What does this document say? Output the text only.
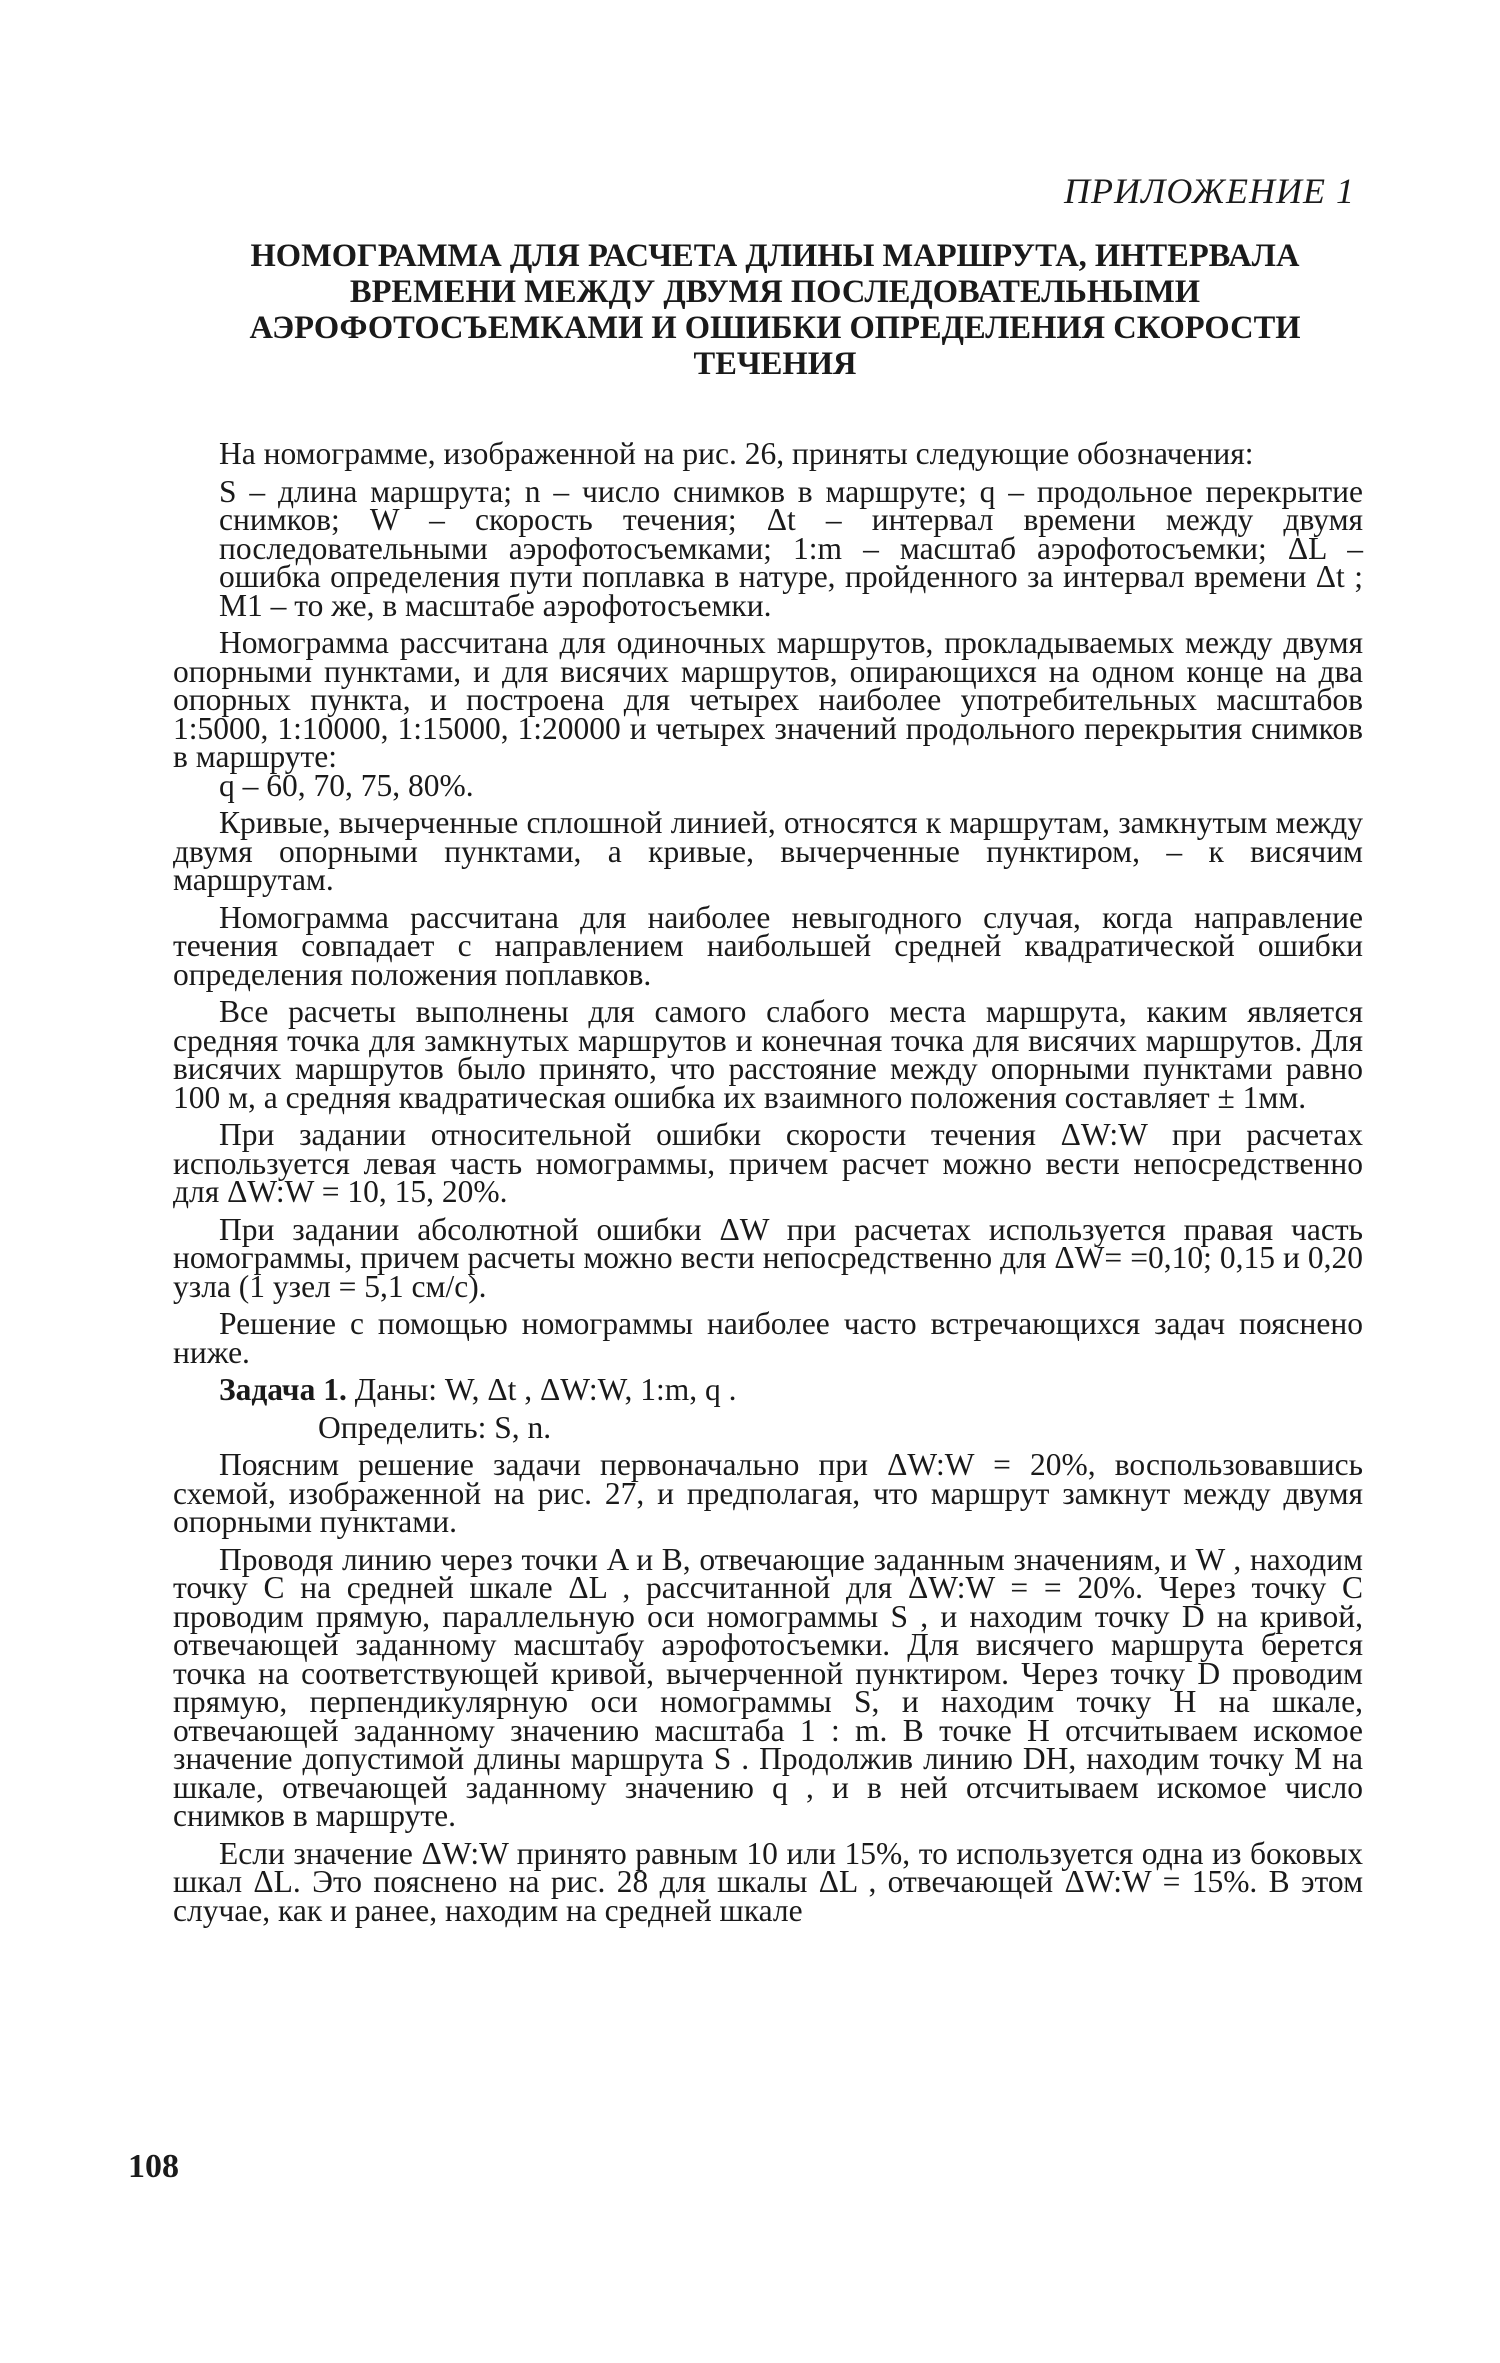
ПРИЛОЖЕНИЕ 1
НОМОГРАММА ДЛЯ РАСЧЕТА ДЛИНЫ МАРШРУТА, ИНТЕРВАЛА
ВРЕМЕНИ МЕЖДУ ДВУМЯ ПОСЛЕДОВАТЕЛЬНЫМИ
АЭРОФОТОСЪЕМКАМИ И ОШИБКИ ОПРЕДЕЛЕНИЯ СКОРОСТИ
ТЕЧЕНИЯ

На номограмме, изображенной на рис. 26, приняты следующие обозначения:

S – длина маршрута; n – число снимков в маршруте; q – продольное перекрытие снимков; W – скорость течения; Δt – интервал времени между двумя последовательными аэрофотосъемками; 1:m – масштаб аэрофотосъемки; ΔL – ошибка определения пути поплавка в натуре, пройденного за интервал времени Δt ; M1 – то же, в масштабе аэрофотосъемки.

Номограмма рассчитана для одиночных маршрутов, прокладываемых между двумя опорными пунктами, и для висячих маршрутов, опирающихся на одном конце на два опорных пункта, и построена для четырех наиболее употребительных масштабов 1:5000, 1:10000, 1:15000, 1:20000 и четырех значений продольного перекрытия снимков в маршруте:
q – 60, 70, 75, 80%.

Кривые, вычерченные сплошной линией, относятся к маршрутам, замкнутым между двумя опорными пунктами, а кривые, вычерченные пунктиром, – к висячим маршрутам.

Номограмма рассчитана для наиболее невыгодного случая, когда направление течения совпадает с направлением наибольшей средней квадратической ошибки определения положения поплавков.

Все расчеты выполнены для самого слабого места маршрута, каким является средняя точка для замкнутых маршрутов и конечная точка для висячих маршрутов. Для висячих маршрутов было принято, что расстояние между опорными пунктами равно 100 м, а средняя квадратическая ошибка их взаимного положения составляет ± 1мм.

При задании относительной ошибки скорости течения ΔW:W при расчетах используется левая часть номограммы, причем расчет можно вести непосредственно для ΔW:W = 10, 15, 20%.

При задании абсолютной ошибки ΔW при расчетах используется правая часть номограммы, причем расчеты можно вести непосредственно для ΔW= =0,10; 0,15 и 0,20 узла (1 узел = 5,1 см/с).

Решение с помощью номограммы наиболее часто встречающихся задач пояснено ниже.

Задача 1. Даны: W, Δt , ΔW:W, 1:m, q .

Определить: S, n.

Поясним решение задачи первоначально при ΔW:W = 20%, воспользовавшись схемой, изображенной на рис. 27, и предполагая, что маршрут замкнут между двумя опорными пунктами.

Проводя линию через точки A и B, отвечающие заданным значениям, и W , находим точку C на средней шкале ΔL , рассчитанной для ΔW:W = = 20%. Через точку C проводим прямую, параллельную оси номограммы S , и находим точку D на кривой, отвечающей заданному масштабу аэрофотосъемки. Для висячего маршрута берется точка на соответствующей кривой, вычерченной пунктиром. Через точку D проводим прямую, перпендикулярную оси номограммы S, и находим точку H на шкале, отвечающей заданному значению масштаба 1 : m. В точке H отсчитываем искомое значение допустимой длины маршрута S . Продолжив линию DH, находим точку M на шкале, отвечающей заданному значению q , и в ней отсчитываем искомое число снимков в маршруте.

Если значение ΔW:W принято равным 10 или 15%, то используется одна из боковых шкал ΔL. Это пояснено на рис. 28 для шкалы ΔL , отвечающей ΔW:W = 15%. В этом случае, как и ранее, находим на средней шкале

108
